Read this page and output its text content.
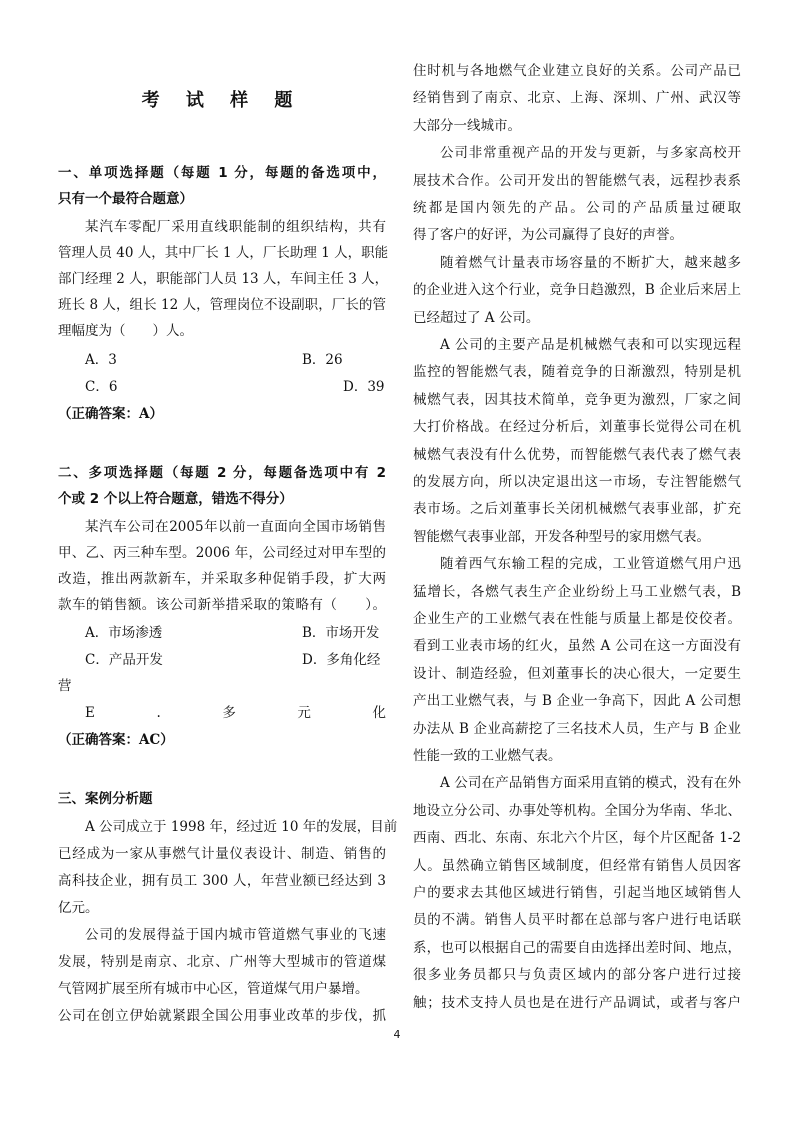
考 试 样 题
一、单项选择题（每题 1 分，每题的备选项中，
只有一个最符合题意）
某汽车零配厂采用直线职能制的组织结构，共有
管理人员 40 人，其中厂长 1 人，厂长助理 1 人，职能
部门经理 2 人，职能部门人员 13 人，车间主任 3 人，
班长 8 人，组长 12 人，管理岗位不设副职，厂长的管
理幅度为（　　）人。
A．3	B．26
C．6	D．39
（正确答案：A）
二、多项选择题（每题 2 分，每题备选项中有 2
个或 2 个以上符合题意，错选不得分）
某汽车公司在2005年以前一直面向全国市场销售
甲、乙、丙三种车型。2006 年，公司经过对甲车型的
改造，推出两款新车，并采取多种促销手段，扩大两
款车的销售额。该公司新举措采取的策略有（　　）。
A．市场渗透	B．市场开发
C．产品开发	D．多角化经
营
E	.	多	元	化
（正确答案：AC）
三、案例分析题
A 公司成立于 1998 年，经过近 10 年的发展，目前
已经成为一家从事燃气计量仪表设计、制造、销售的
高科技企业，拥有员工 300 人，年营业额已经达到 3
亿元。
公司的发展得益于国内城市管道燃气事业的飞速
发展，特别是南京、北京、广州等大型城市的管道煤
气管网扩展至所有城市中心区，管道煤气用户暴增。
公司在创立伊始就紧跟全国公用事业改革的步伐，抓
住时机与各地燃气企业建立良好的关系。公司产品已
经销售到了南京、北京、上海、深圳、广州、武汉等
大部分一线城市。
公司非常重视产品的开发与更新，与多家高校开
展技术合作。公司开发出的智能燃气表，远程抄表系
统都是国内领先的产品。公司的产品质量过硬取
得了客户的好评，为公司赢得了良好的声誉。
随着燃气计量表市场容量的不断扩大，越来越多
的企业进入这个行业，竞争日趋激烈，B 企业后来居上
已经超过了 A 公司。
A 公司的主要产品是机械燃气表和可以实现远程
监控的智能燃气表，随着竞争的日渐激烈，特别是机
械燃气表，因其技术简单，竞争更为激烈，厂家之间
大打价格战。在经过分析后，刘董事长觉得公司在机
械燃气表没有什么优势，而智能燃气表代表了燃气表
的发展方向，所以决定退出这一市场，专注智能燃气
表市场。之后刘董事长关闭机械燃气表事业部，扩充
智能燃气表事业部，开发各种型号的家用燃气表。
随着西气东输工程的完成，工业管道燃气用户迅
猛增长，各燃气表生产企业纷纷上马工业燃气表，B
企业生产的工业燃气表在性能与质量上都是佼佼者。
看到工业表市场的红火，虽然 A 公司在这一方面没有
设计、制造经验，但刘董事长的决心很大，一定要生
产出工业燃气表，与 B 企业一争高下，因此 A 公司想
办法从 B 企业高薪挖了三名技术人员，生产与 B 企业
性能一致的工业燃气表。
A 公司在产品销售方面采用直销的模式，没有在外
地设立分公司、办事处等机构。全国分为华南、华北、
西南、西北、东南、东北六个片区，每个片区配备 1-2
人。虽然确立销售区域制度，但经常有销售人员因客
户的要求去其他区域进行销售，引起当地区域销售人
员的不满。销售人员平时都在总部与客户进行电话联
系，也可以根据自己的需要自由选择出差时间、地点，
很多业务员都只与负责区域内的部分客户进行过接
触；技术支持人员也是在进行产品调试，或者与客户
4
